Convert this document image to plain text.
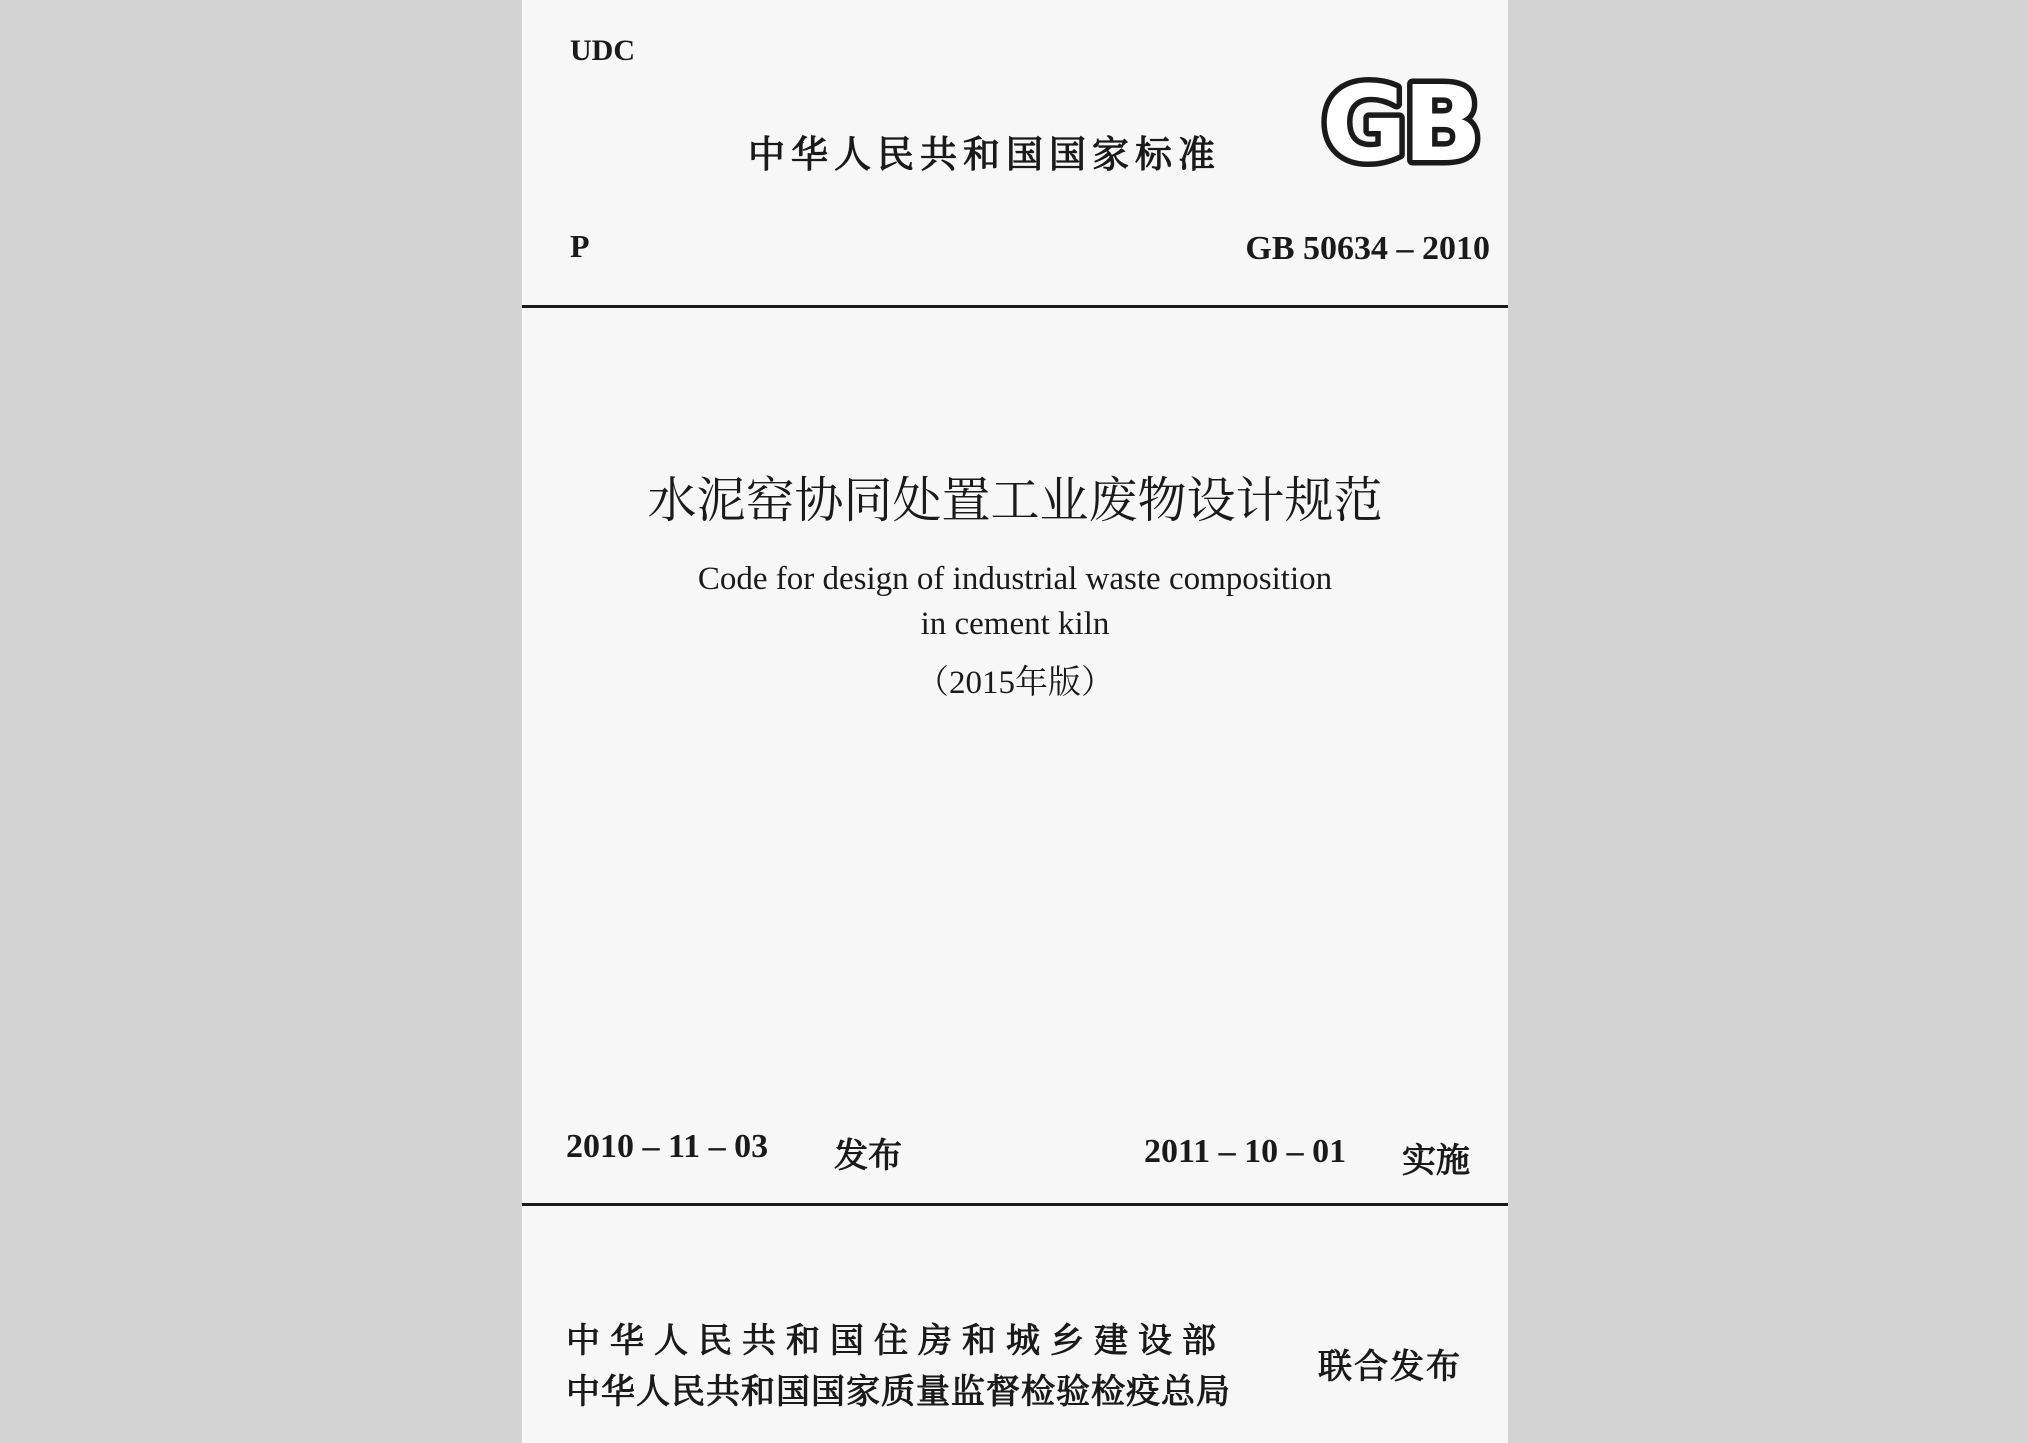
UDC
中华人民共和国国家标准 GB
P	GB 50634 – 2010
水泥窑协同处置工业废物设计规范
Code for design of industrial waste composition
in cement kiln
（2015年版）
2010 – 11 – 03 发布	2011 – 10 – 01 实施
中华人民共和国住房和城乡建设部
中华人民共和国国家质量监督检验检疫总局
联合发布
